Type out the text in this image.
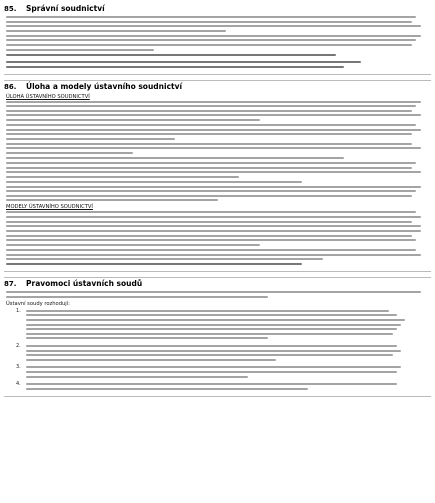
85. Správní soudnictví
86. Úloha a modely ústavního soudnictví
ÚLOHA ÚSTAVNÍHO SOUDNICTVÍ
MODELY ÚSTAVNÍHO SOUDNICTVÍ
87. Pravomoci ústavních soudů
Ústavní soudy rozhodují:
1.
2.
3.
4.
